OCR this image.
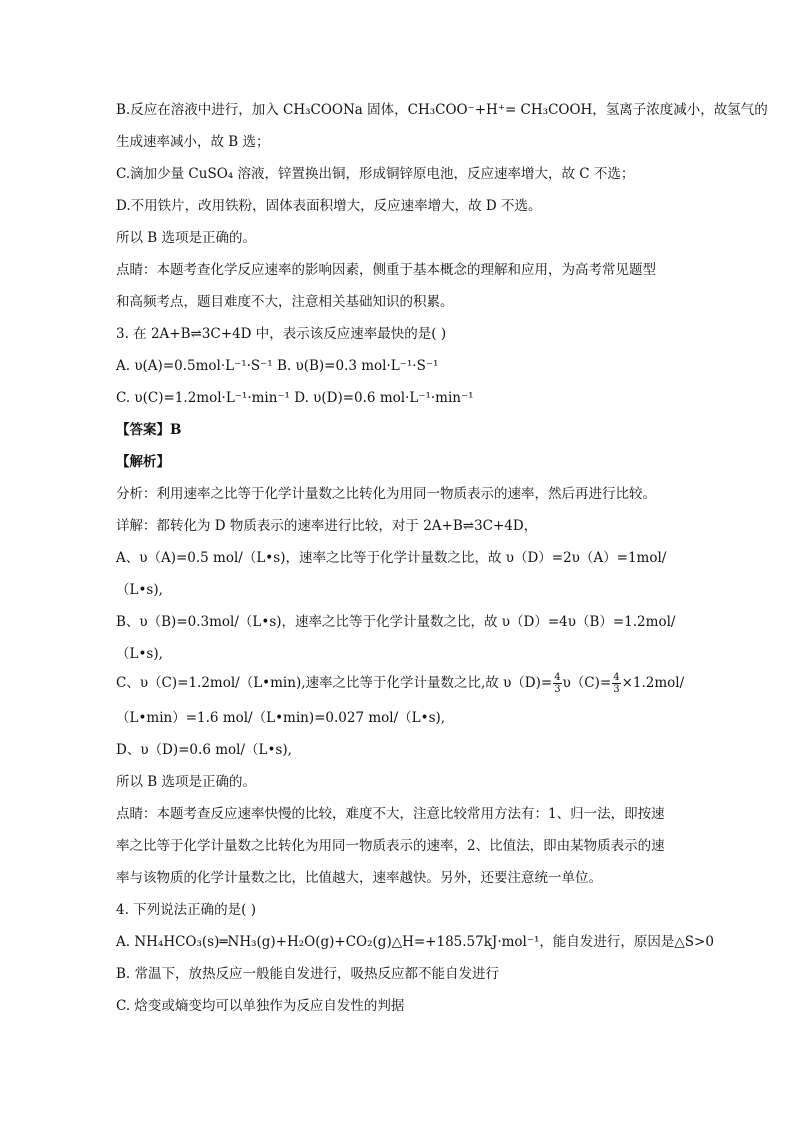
B.反应在溶液中进行，加入 CH₃COONa 固体，CH₃COO⁻+H⁺= CH₃COOH，氢离子浓度减小，故氢气的
生成速率减小，故 B 选；
C.滴加少量 CuSO₄ 溶液，锌置换出铜，形成铜锌原电池，反应速率增大，故 C 不选；
D.不用铁片，改用铁粉，固体表面积增大，反应速率增大，故 D 不选。
所以 B 选项是正确的。
点睛：本题考查化学反应速率的影响因素，侧重于基本概念的理解和应用，为高考常见题型
和高频考点，题目难度不大，注意相关基础知识的积累。
3. 在 2A+B⇌3C+4D 中，表示该反应速率最快的是( )
A. υ(A)=0.5mol·L⁻¹·S⁻¹ B. υ(B)=0.3 mol·L⁻¹·S⁻¹
C. υ(C)=1.2mol·L⁻¹·min⁻¹ D. υ(D)=0.6 mol·L⁻¹·min⁻¹
【答案】B
【解析】
分析：利用速率之比等于化学计量数之比转化为用同一物质表示的速率，然后再进行比较。
详解：都转化为 D 物质表示的速率进行比较，对于 2A+B⇌3C+4D，
A、υ（A)=0.5 mol/（L•s)，速率之比等于化学计量数之比，故 υ（D）=2υ（A）=1mol/
（L•s),
B、υ（B)=0.3mol/（L•s)，速率之比等于化学计量数之比，故 υ（D）=4υ（B）=1.2mol/
（L•s),
C、υ（C)=1.2mol/（L•min),速率之比等于化学计量数之比,故 $\upsilon(D)= \frac{4}{3} \upsilon(C)= \frac{4}{3} \times 1.2mol/$
（L•min）=1.6 mol/（L•min)=0.027 mol/（L•s),
D、υ（D)=0.6 mol/（L•s),
所以 B 选项是正确的。
点睛：本题考查反应速率快慢的比较，难度不大，注意比较常用方法有：1、归一法，即按速
率之比等于化学计量数之比转化为用同一物质表示的速率，2、比值法，即由某物质表示的速
率与该物质的化学计量数之比，比值越大，速率越快。另外，还要注意统一单位。
4. 下列说法正确的是( )
A. NH₄HCO₃(s)═NH₃(g)+H₂O(g)+CO₂(g)△H=+185.57kJ·mol⁻¹，能自发进行，原因是△S>0
B. 常温下，放热反应一般能自发进行，吸热反应都不能自发进行
C. 焓变或熵变均可以单独作为反应自发性的判据
